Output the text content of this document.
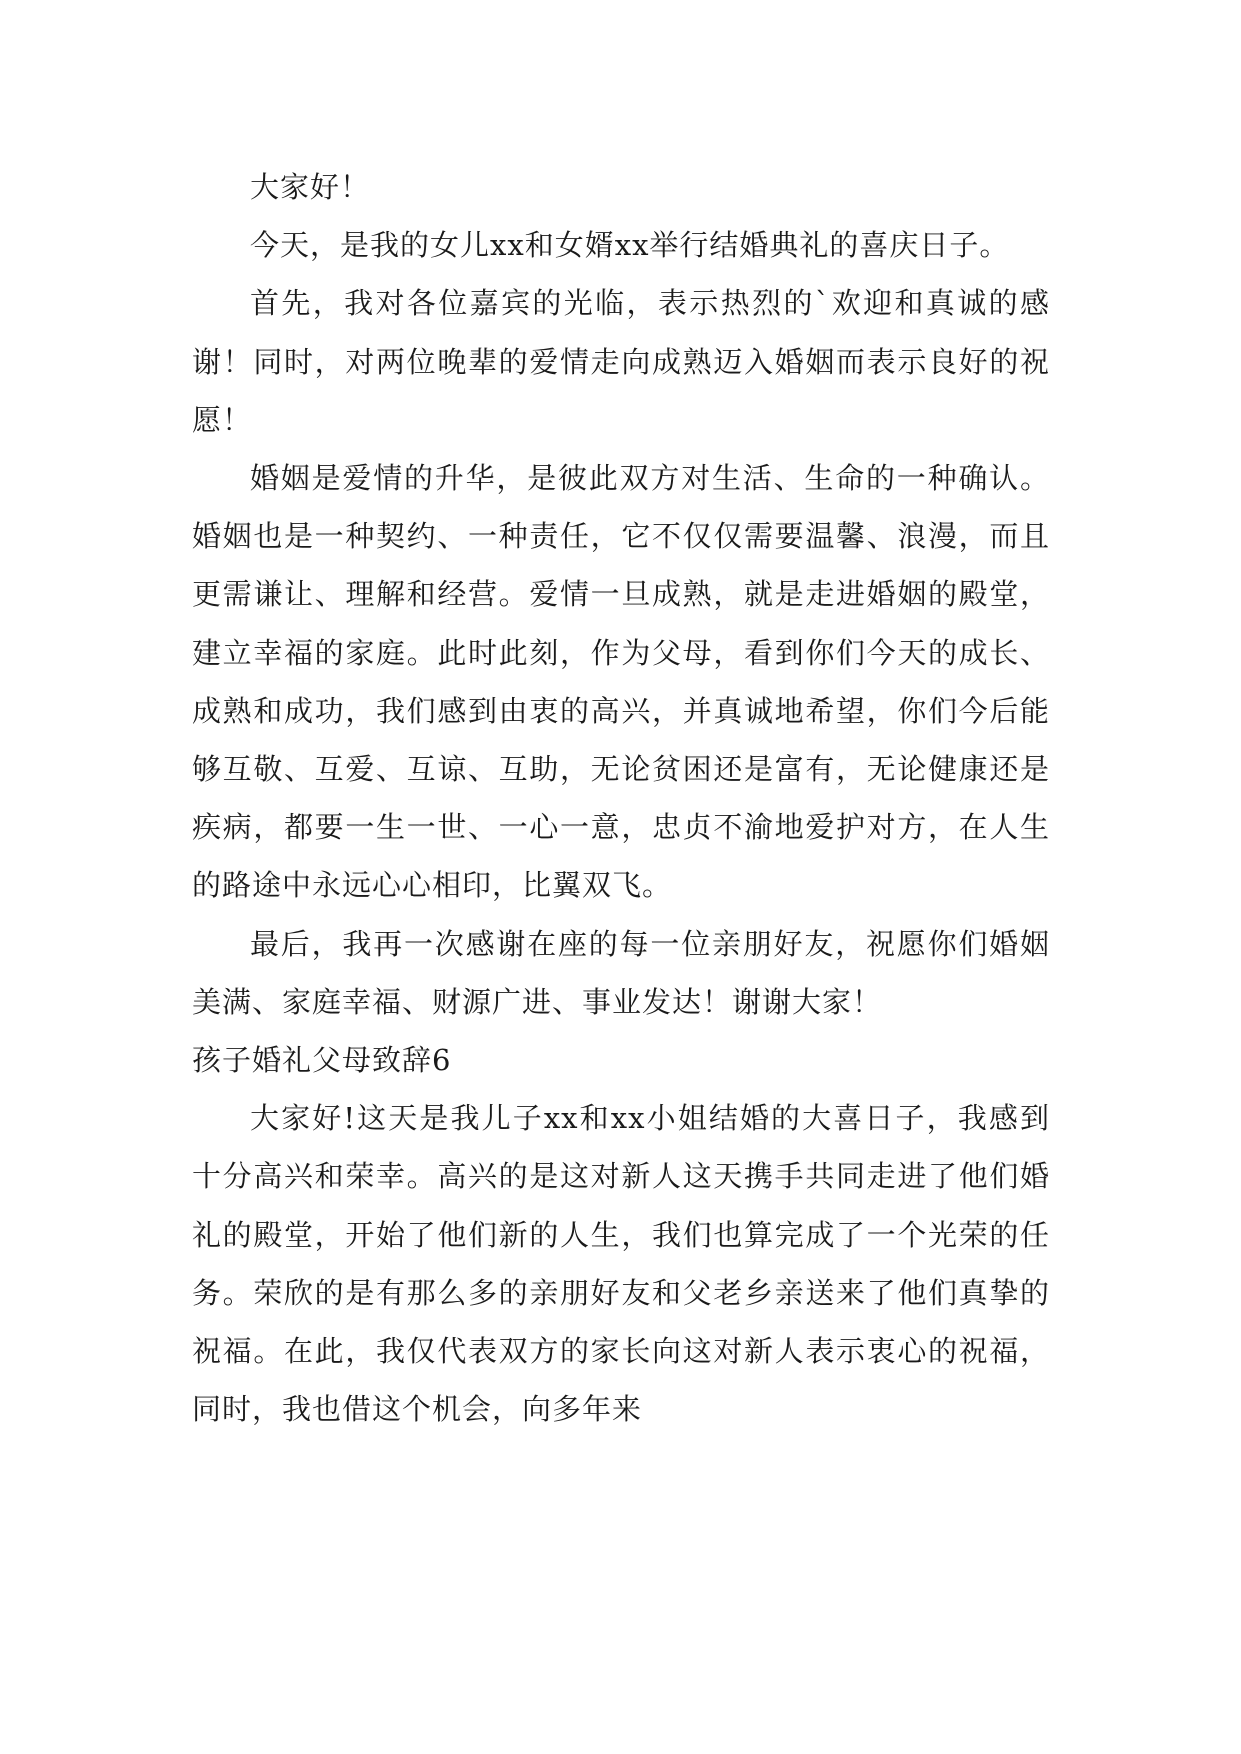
大家好！

今天，是我的女儿xx和女婿xx举行结婚典礼的喜庆日子。

首先，我对各位嘉宾的光临，表示热烈的`欢迎和真诚的感谢！同时，对两位晚辈的爱情走向成熟迈入婚姻而表示良好的祝愿！

婚姻是爱情的升华，是彼此双方对生活、生命的一种确认。婚姻也是一种契约、一种责任，它不仅仅需要温馨、浪漫，而且更需谦让、理解和经营。爱情一旦成熟，就是走进婚姻的殿堂，建立幸福的家庭。此时此刻，作为父母，看到你们今天的成长、成熟和成功，我们感到由衷的高兴，并真诚地希望，你们今后能够互敬、互爱、互谅、互助，无论贫困还是富有，无论健康还是疾病，都要一生一世、一心一意，忠贞不渝地爱护对方，在人生的路途中永远心心相印，比翼双飞。

最后，我再一次感谢在座的每一位亲朋好友，祝愿你们婚姻美满、家庭幸福、财源广进、事业发达！谢谢大家！

孩子婚礼父母致辞6

大家好!这天是我儿子xx和xx小姐结婚的大喜日子，我感到十分高兴和荣幸。高兴的是这对新人这天携手共同走进了他们婚礼的殿堂，开始了他们新的人生，我们也算完成了一个光荣的任务。荣欣的是有那么多的亲朋好友和父老乡亲送来了他们真挚的祝福。在此，我仅代表双方的家长向这对新人表示衷心的祝福，同时，我也借这个机会，向多年来
